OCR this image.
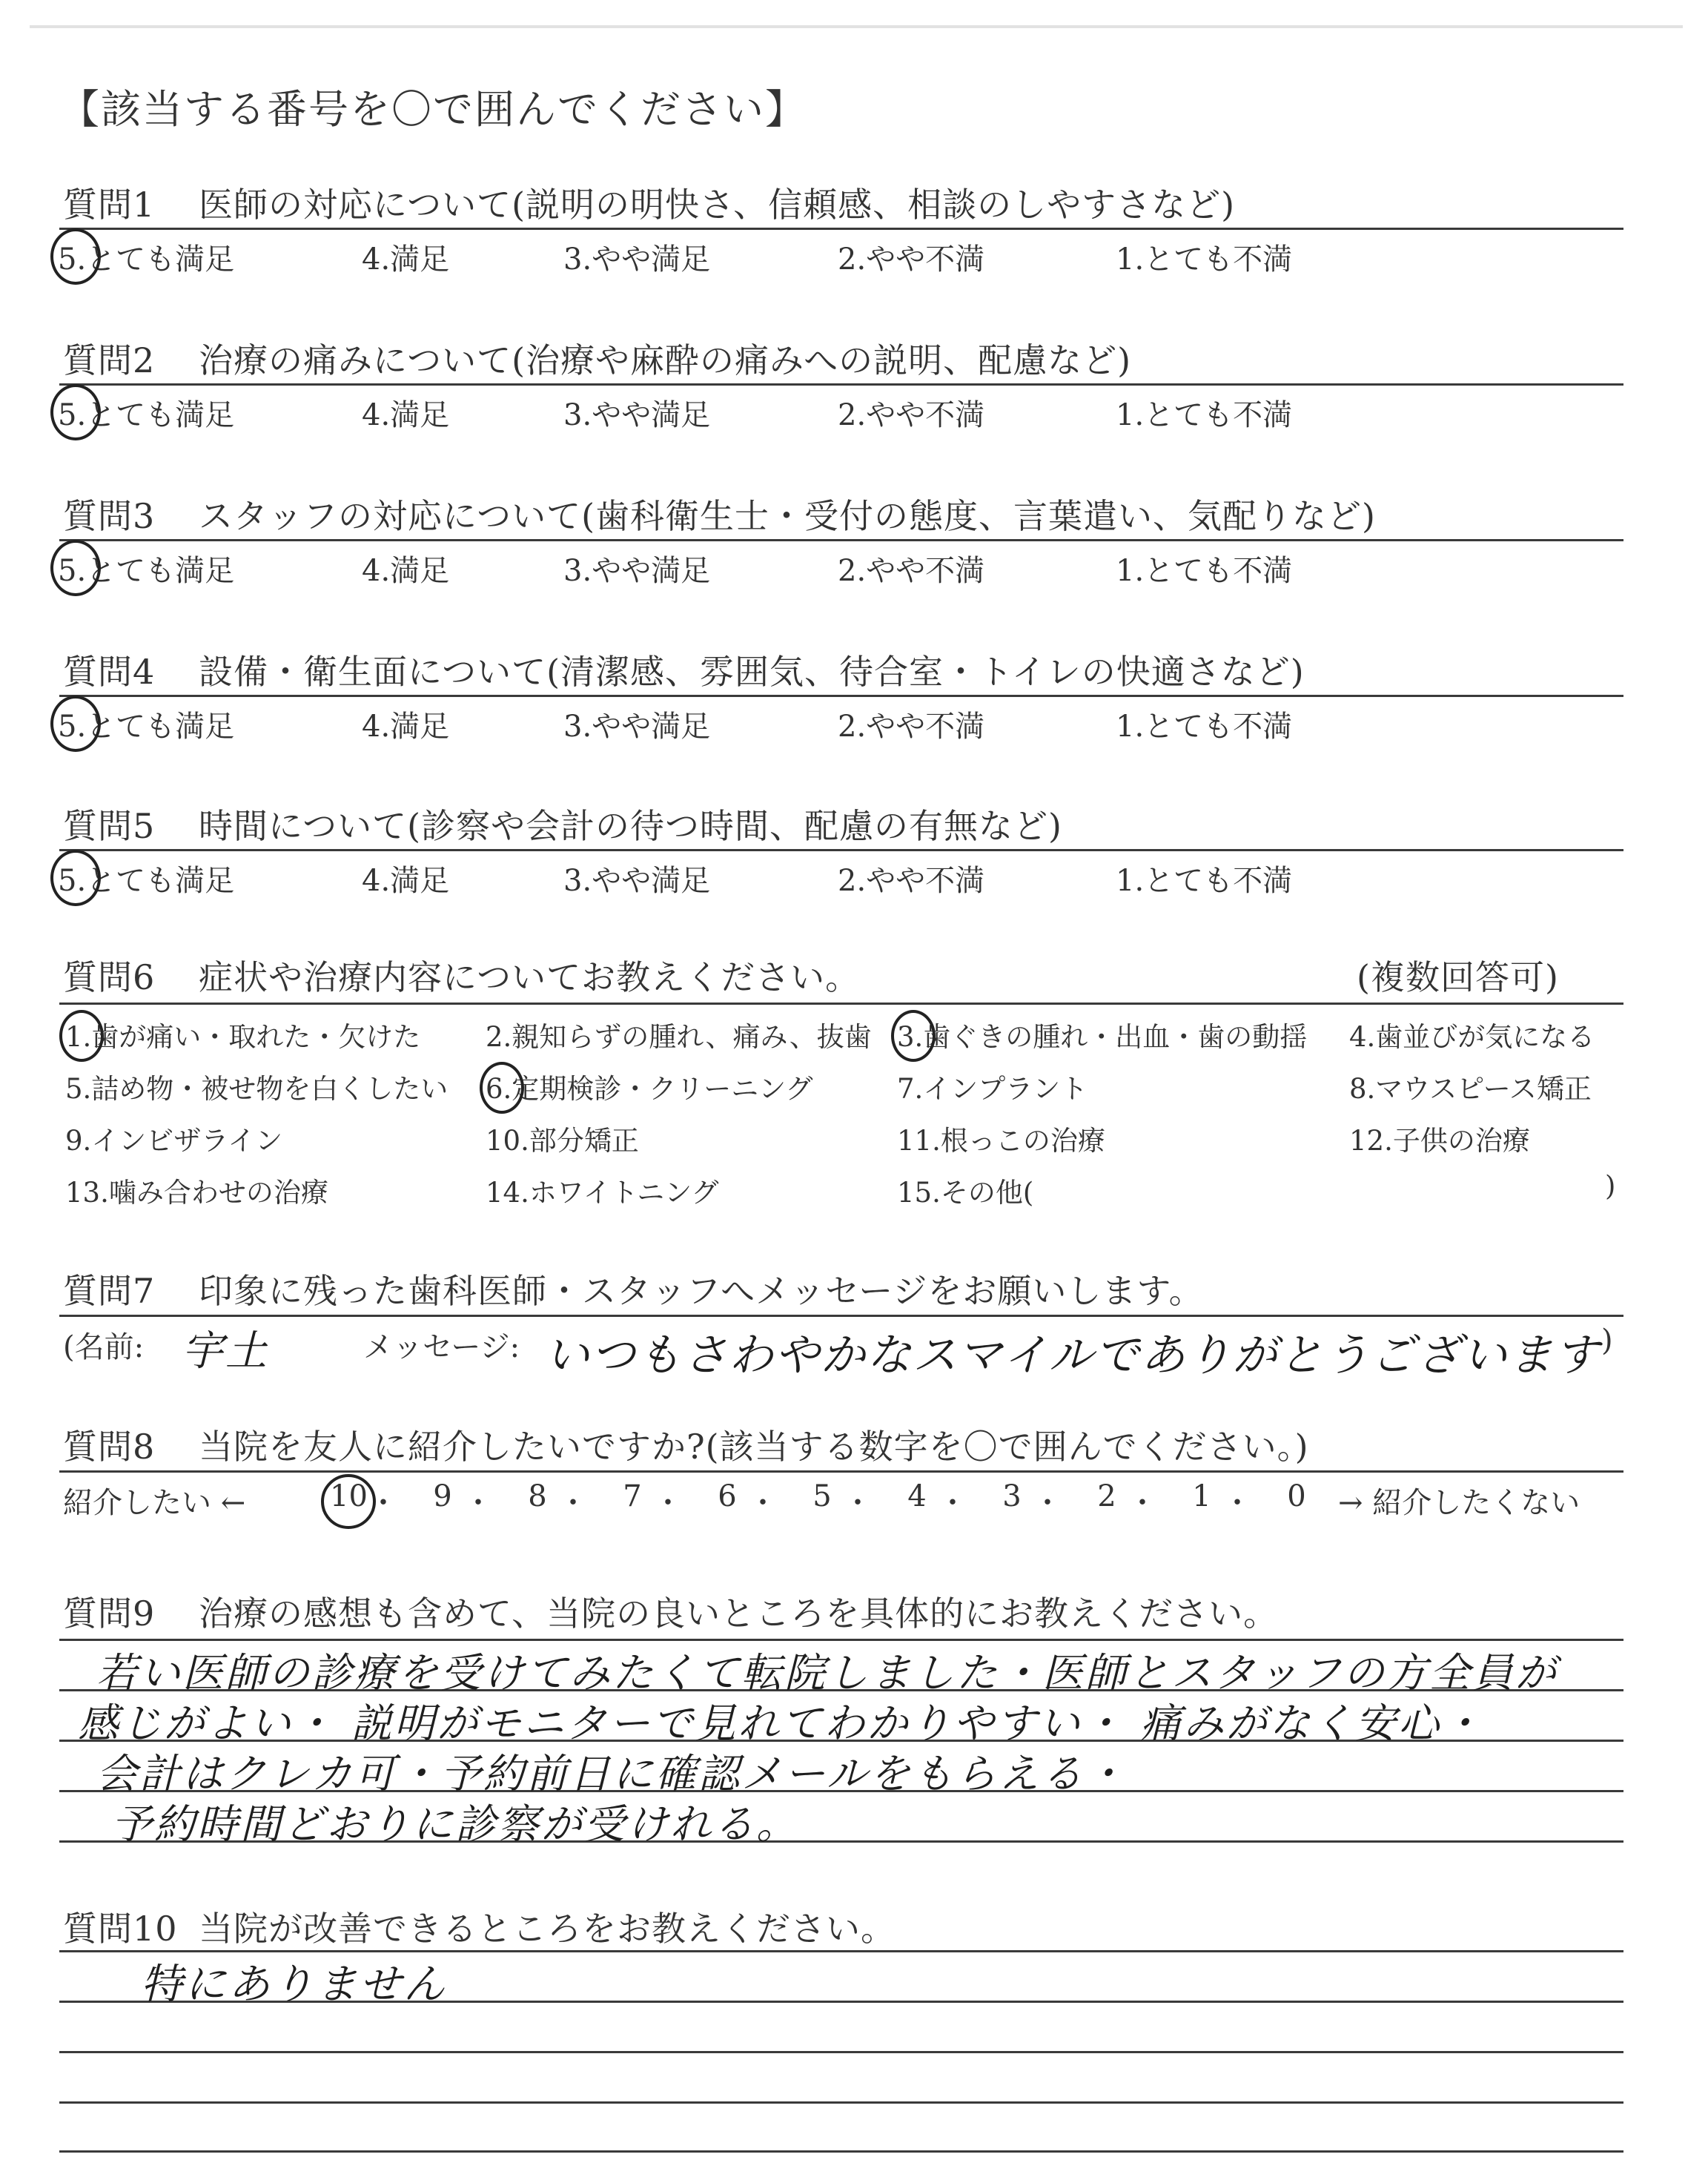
【該当する番号を〇で囲んでください】
質問1 医師の対応について(説明の明快さ、信頼感、相談のしやすさなど)
5.とても満足	4.満足	3.やや満足	2.やや不満	1.とても不満
質問2 治療の痛みについて(治療や麻酔の痛みへの説明、配慮など)
5.とても満足	4.満足	3.やや満足	2.やや不満	1.とても不満
質問3 スタッフの対応について(歯科衛生士・受付の態度、言葉遣い、気配りなど)
5.とても満足	4.満足	3.やや満足	2.やや不満	1.とても不満
質問4 設備・衛生面について(清潔感、雰囲気、待合室・トイレの快適さなど)
5.とても満足	4.満足	3.やや満足	2.やや不満	1.とても不満
質問5 時間について(診察や会計の待つ時間、配慮の有無など)
5.とても満足	4.満足	3.やや満足	2.やや不満	1.とても不満
質問6 症状や治療内容についてお教えください。	(複数回答可)
1.歯が痛い・取れた・欠けた 2.親知らずの腫れ、痛み、抜歯 3.歯ぐきの腫れ・出血・歯の動揺 4.歯並びが気になる
5.詰め物・被せ物を白くしたい 6.定期検診・クリーニング	7.インプラント	8.マウスピース矯正
9.インビザライン	10.部分矯正	11.根っこの治療	12.子供の治療
13.噛み合わせの治療	14.ホワイトニング	15.その他(	)
質問7 印象に残った歯科医師・スタッフへメッセージをお願いします。
(名前: 宇土	メッセージ: いつもさわやかなスマイルでありがとうございます )
質問8 当院を友人に紹介したいですか?(該当する数字を〇で囲んでください。)
紹介したい ←	10 ・ 9 ・ 8 ・ 7 ・ 6 ・ 5 ・ 4 ・ 3 ・ 2 ・ 1 ・ 0 → 紹介したくない
質問9 治療の感想も含めて、当院の良いところを具体的にお教えください。
若い医師の診療を受けてみたくて転院しました・医師とスタッフの方全員が
感じがよい・ 説明がモニターで見れてわかりやすい・ 痛みがなく安心・
会計はクレカ可・予約前日に確認メールをもらえる・
予約時間どおりに診察が受けれる。
質問10 当院が改善できるところをお教えください。
特にありません
